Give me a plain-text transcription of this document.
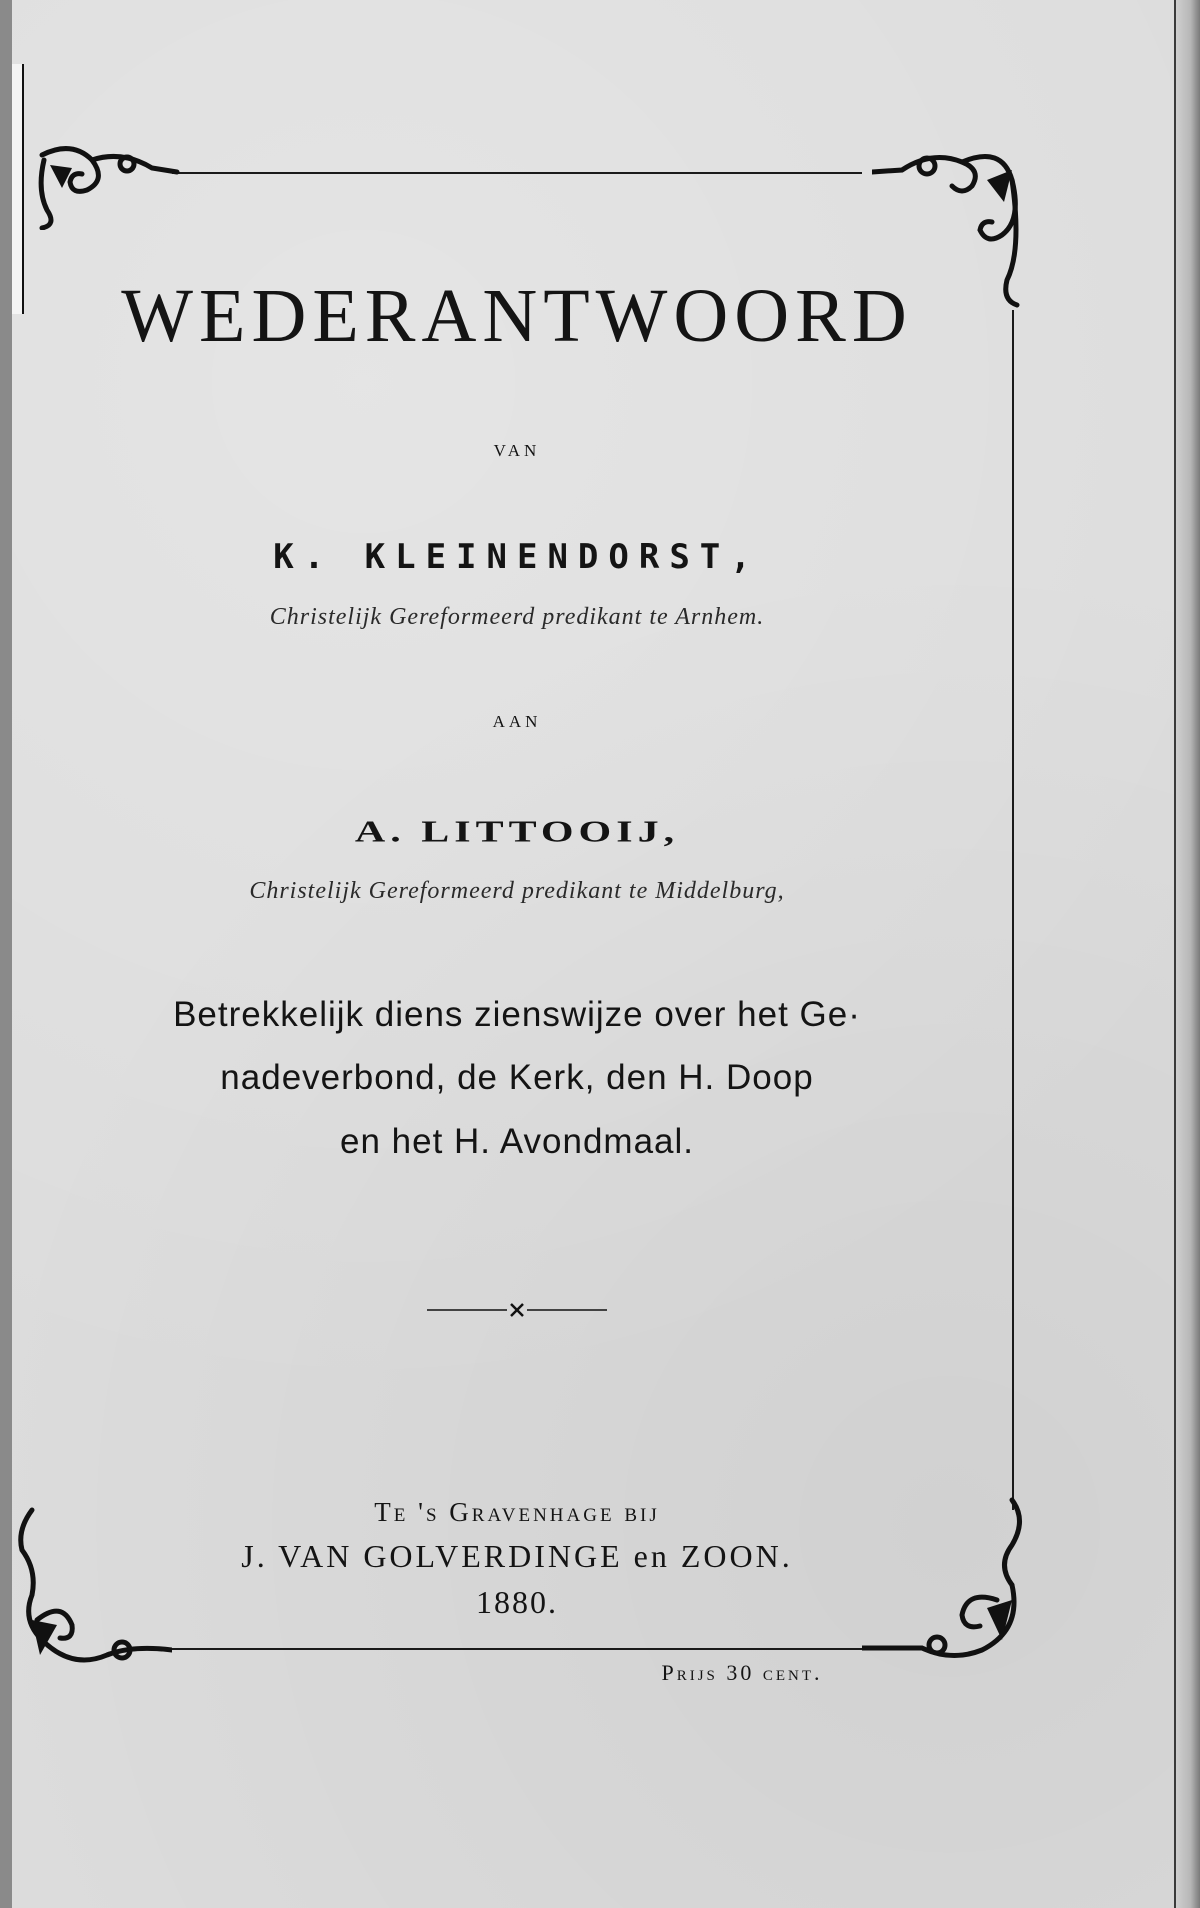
WEDERANTWOORD
VAN
K. KLEINENDORST,
Christelijk Gereformeerd predikant te Arnhem.
AAN
A. LITTOOIJ,
Christelijk Gereformeerd predikant te Middelburg,
Betrekkelijk diens zienswijze over het Ge·
nadeverbond, de Kerk, den H. Doop
en het H. Avondmaal.
Te 's Gravenhage bij
J. VAN GOLVERDINGE en ZOON.
1880.
Prijs 30 cent.
